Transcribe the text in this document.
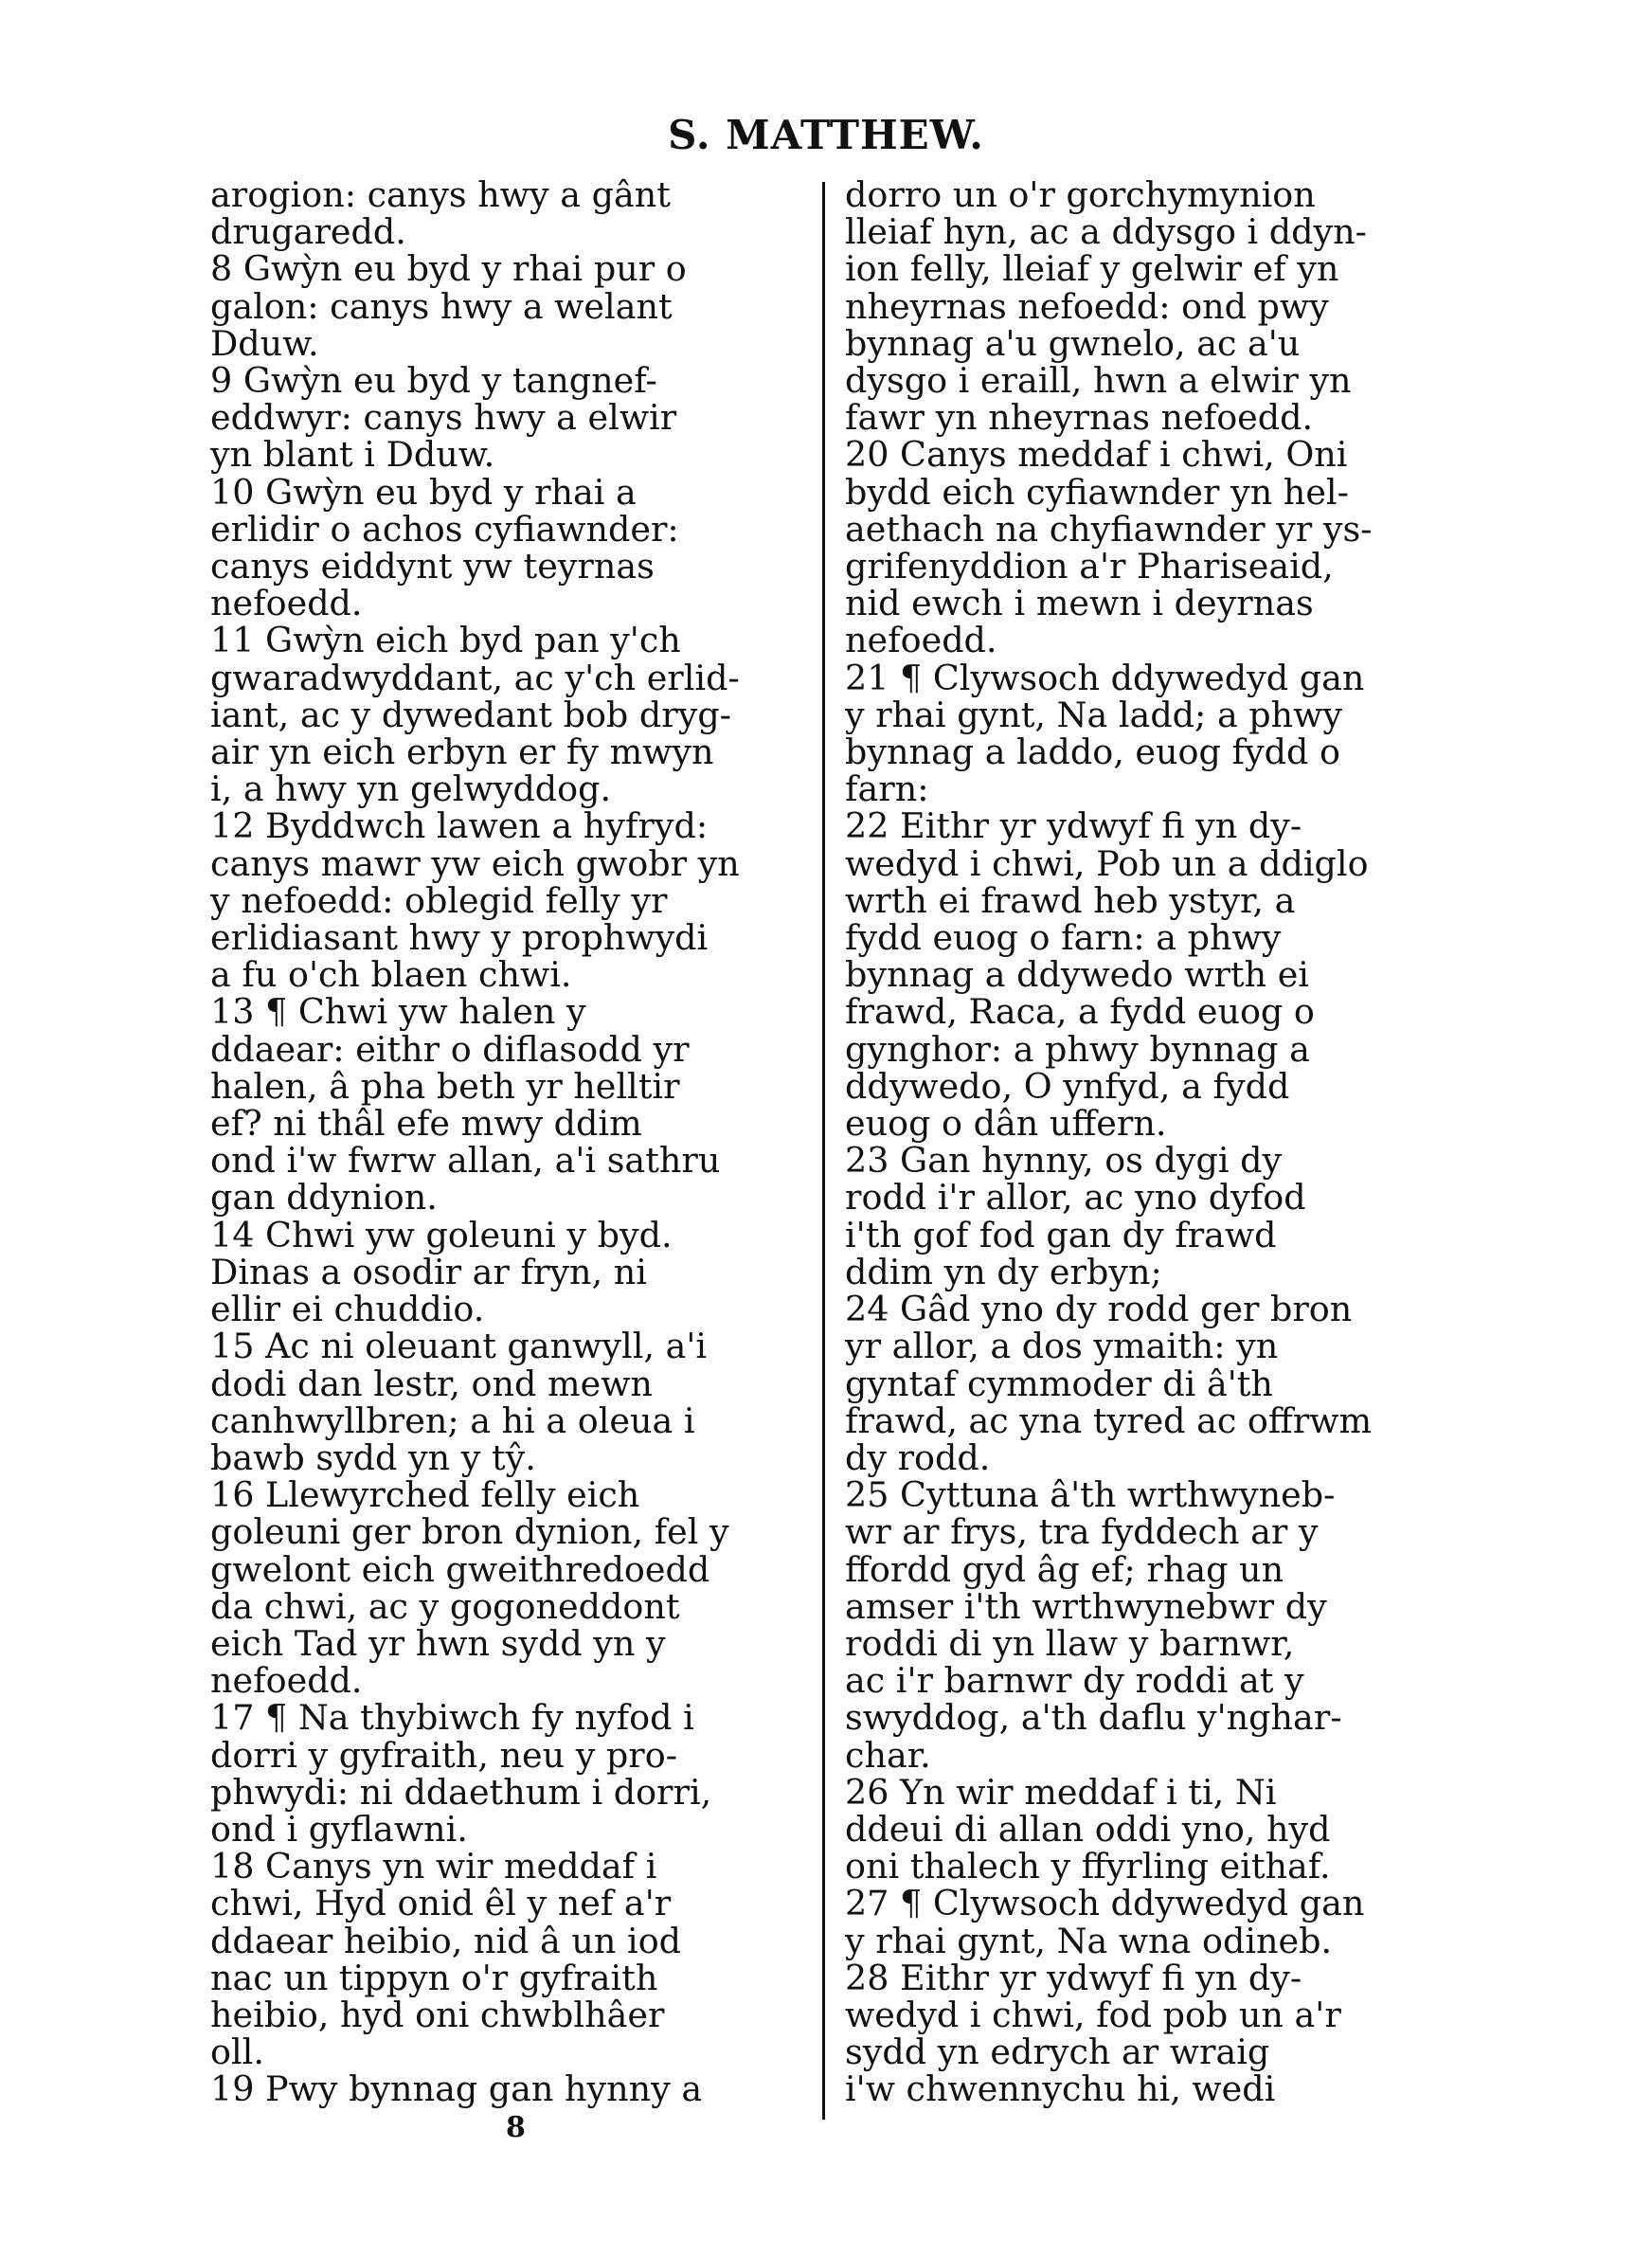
S. MATTHEW.
arogion: canys hwy a gânt
drugaredd.
8 Gwỳn eu byd y rhai pur o
galon: canys hwy a welant
Dduw.
9 Gwỳn eu byd y tangnef-
eddwyr: canys hwy a elwir
yn blant i Dduw.
10 Gwỳn eu byd y rhai a
erlidir o achos cyfiawnder:
canys eiddynt yw teyrnas
nefoedd.
11 Gwỳn eich byd pan y'ch
gwaradwyddant, ac y'ch erlid-
iant, ac y dywedant bob dryg-
air yn eich erbyn er fy mwyn
i, a hwy yn gelwyddog.
12 Byddwch lawen a hyfryd:
canys mawr yw eich gwobr yn
y nefoedd: oblegid felly yr
erlidiasant hwy y prophwydi
a fu o'ch blaen chwi.
13 ¶ Chwi yw halen y
ddaear: eithr o diflasodd yr
halen, â pha beth yr helltir
ef? ni thâl efe mwy ddim
ond i'w fwrw allan, a'i sathru
gan ddynion.
14 Chwi yw goleuni y byd.
Dinas a osodir ar fryn, ni
ellir ei chuddio.
15 Ac ni oleuant ganwyll, a'i
dodi dan lestr, ond mewn
canhwyllbren; a hi a oleua i
bawb sydd yn y tŷ.
16 Llewyrched felly eich
goleuni ger bron dynion, fel y
gwelont eich gweithredoedd
da chwi, ac y gogoneddont
eich Tad yr hwn sydd yn y
nefoedd.
17 ¶ Na thybiwch fy nyfod i
dorri y gyfraith, neu y pro-
phwydi: ni ddaethum i dorri,
ond i gyflawni.
18 Canys yn wir meddaf i
chwi, Hyd onid êl y nef a'r
ddaear heibio, nid â un iod
nac un tippyn o'r gyfraith
heibio, hyd oni chwblhâer
oll.
19 Pwy bynnag gan hynny a
dorro un o'r gorchymynion
lleiaf hyn, ac a ddysgo i ddyn-
ion felly, lleiaf y gelwir ef yn
nheyrnas nefoedd: ond pwy
bynnag a'u gwnelo, ac a'u
dysgo i eraill, hwn a elwir yn
fawr yn nheyrnas nefoedd.
20 Canys meddaf i chwi, Oni
bydd eich cyfiawnder yn hel-
aethach na chyfiawnder yr ys-
grifenyddion a'r Phariseaid,
nid ewch i mewn i deyrnas
nefoedd.
21 ¶ Clywsoch ddywedyd gan
y rhai gynt, Na ladd; a phwy
bynnag a laddo, euog fydd o
farn:
22 Eithr yr ydwyf fi yn dy-
wedyd i chwi, Pob un a ddiglo
wrth ei frawd heb ystyr, a
fydd euog o farn: a phwy
bynnag a ddywedo wrth ei
frawd, Raca, a fydd euog o
gynghor: a phwy bynnag a
ddywedo, O ynfyd, a fydd
euog o dân uffern.
23 Gan hynny, os dygi dy
rodd i'r allor, ac yno dyfod
i'th gof fod gan dy frawd
ddim yn dy erbyn;
24 Gâd yno dy rodd ger bron
yr allor, a dos ymaith: yn
gyntaf cymmoder di â'th
frawd, ac yna tyred ac offrwm
dy rodd.
25 Cyttuna â'th wrthwyneb-
wr ar frys, tra fyddech ar y
ffordd gyd âg ef; rhag un
amser i'th wrthwynebwr dy
roddi di yn llaw y barnwr,
ac i'r barnwr dy roddi at y
swyddog, a'th daflu y'nghar-
char.
26 Yn wir meddaf i ti, Ni
ddeui di allan oddi yno, hyd
oni thalech y ffyrling eithaf.
27 ¶ Clywsoch ddywedyd gan
y rhai gynt, Na wna odineb.
28 Eithr yr ydwyf fi yn dy-
wedyd i chwi, fod pob un a'r
sydd yn edrych ar wraig
i'w chwennychu hi, wedi
8
